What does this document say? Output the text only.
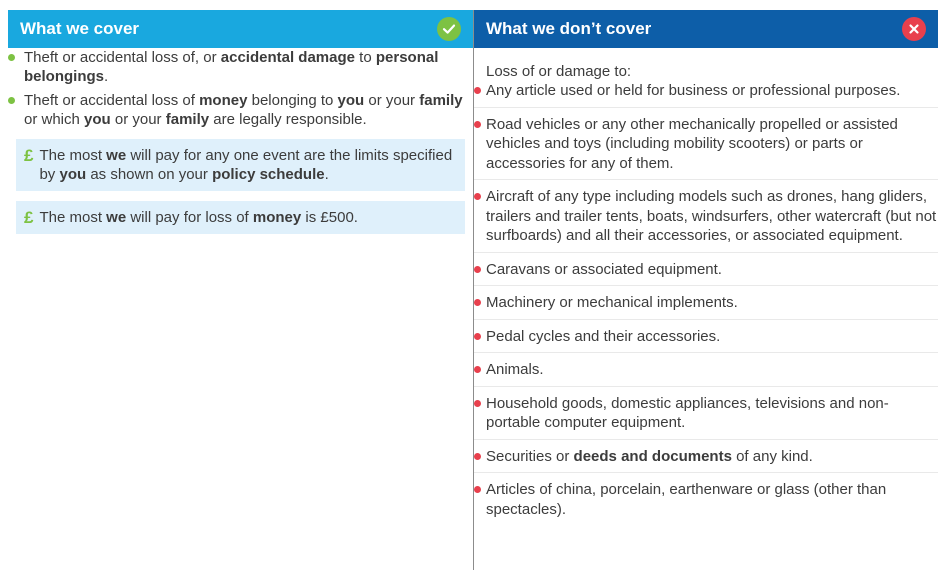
What we cover
Theft or accidental loss of, or accidental damage to personal belongings.
Theft or accidental loss of money belonging to you or your family or which you or your family are legally responsible.
£ The most we will pay for any one event are the limits specified by you as shown on your policy schedule.
£ The most we will pay for loss of money is £500.
What we don’t cover

Loss of or damage to:

Any article used or held for business or professional purposes.
Road vehicles or any other mechanically propelled or assisted vehicles and toys (including mobility scooters) or parts or accessories for any of them.
Aircraft of any type including models such as drones, hang gliders, trailers and trailer tents, boats, windsurfers, other watercraft (but not surfboards) and all their accessories, or associated equipment.
Caravans or associated equipment.
Machinery or mechanical implements.
Pedal cycles and their accessories.
Animals.
Household goods, domestic appliances, televisions and non-portable computer equipment.
Securities or deeds and documents of any kind.
Articles of china, porcelain, earthenware or glass (other than spectacles).
